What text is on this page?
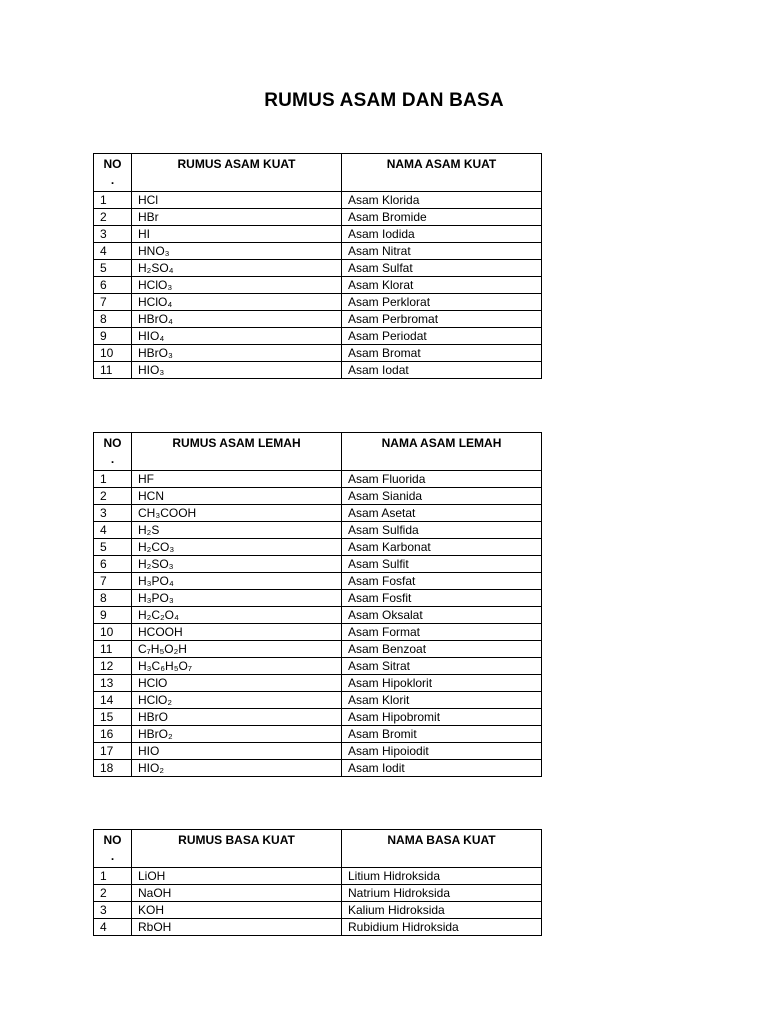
RUMUS ASAM DAN BASA
NO
.	RUMUS ASAM KUAT	NAMA ASAM KUAT
1	HCl	Asam Klorida
2	HBr	Asam Bromide
3	HI	Asam Iodida
4	HNO₃	Asam Nitrat
5	H₂SO₄	Asam Sulfat
6	HClO₃	Asam Klorat
7	HClO₄	Asam Perklorat
8	HBrO₄	Asam Perbromat
9	HIO₄	Asam Periodat
10	HBrO₃	Asam Bromat
11	HIO₃	Asam Iodat
NO
.	RUMUS ASAM LEMAH	NAMA ASAM LEMAH
1	HF	Asam Fluorida
2	HCN	Asam Sianida
3	CH₃COOH	Asam Asetat
4	H₂S	Asam Sulfida
5	H₂CO₃	Asam Karbonat
6	H₂SO₃	Asam Sulfit
7	H₃PO₄	Asam Fosfat
8	H₃PO₃	Asam Fosfit
9	H₂C₂O₄	Asam Oksalat
10	HCOOH	Asam Format
11	C₇H₅O₂H	Asam Benzoat
12	H₃C₆H₅O₇	Asam Sitrat
13	HClO	Asam Hipoklorit
14	HClO₂	Asam Klorit
15	HBrO	Asam Hipobromit
16	HBrO₂	Asam Bromit
17	HIO	Asam Hipoiodit
18	HIO₂	Asam Iodit
NO
.	RUMUS BASA KUAT	NAMA BASA KUAT
1	LiOH	Litium Hidroksida
2	NaOH	Natrium Hidroksida
3	KOH	Kalium Hidroksida
4	RbOH	Rubidium Hidroksida
